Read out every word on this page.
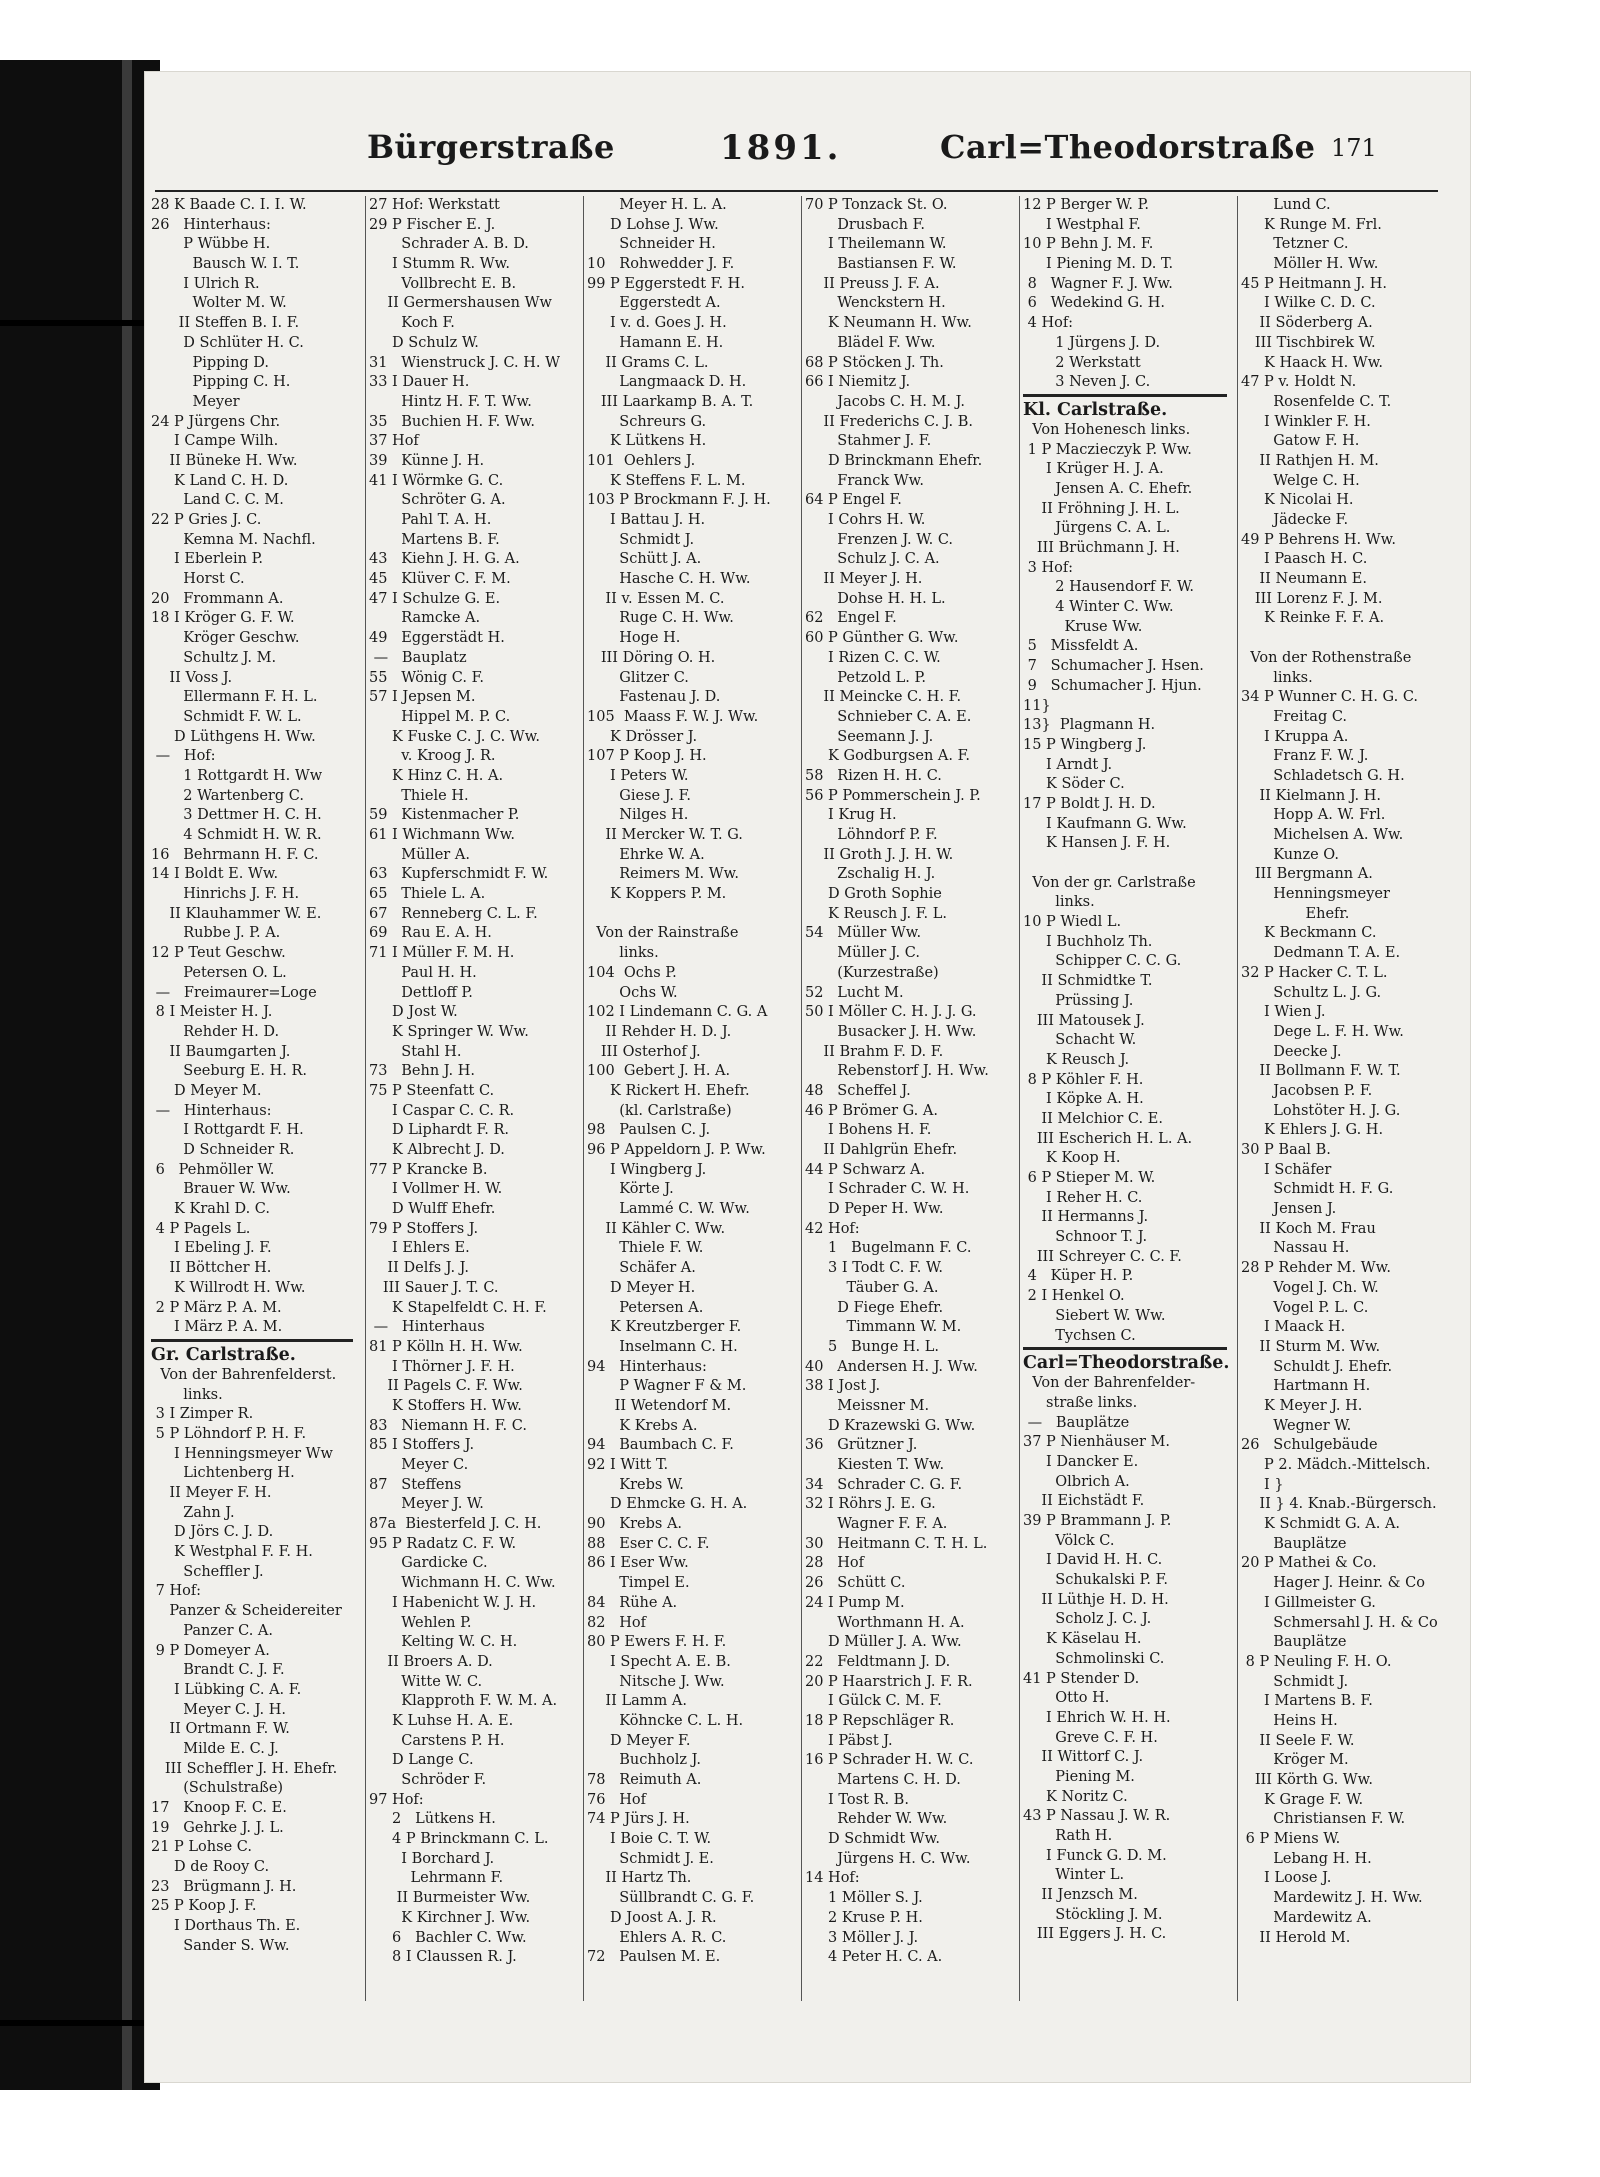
Bürgerstraße	1891.	Carl=Theodorstraße 171
28 K Baade C. I. I. W.
26   Hinterhaus:
P Wübbe H.
Bausch W. I. T.
I Ulrich R.
Wolter M. W.
II Steffen B. I. F.
D Schlüter H. C.
Pipping D.
Pipping C. H.
Meyer
24 P Jürgens Chr.
I Campe Wilh.
II Büneke H. Ww.
K Land C. H. D.
Land C. C. M.
22 P Gries J. C.
Kemna M. Nachfl.
I Eberlein P.
Horst C.
20   Frommann A.
18 I Kröger G. F. W.
Kröger Geschw.
Schultz J. M.
II Voss J.
Ellermann F. H. L.
Schmidt F. W. L.
D Lüthgens H. Ww.
—   Hof:
1 Rottgardt H. Ww
2 Wartenberg C.
3 Dettmer H. C. H.
4 Schmidt H. W. R.
16   Behrmann H. F. C.
14 I Boldt E. Ww.
Hinrichs J. F. H.
II Klauhammer W. E.
Rubbe J. P. A.
12 P Teut Geschw.
Petersen O. L.
—   Freimaurer=Loge
8 I Meister H. J.
Rehder H. D.
II Baumgarten J.
Seeburg E. H. R.
D Meyer M.
—   Hinterhaus:
I Rottgardt F. H.
D Schneider R.
6   Pehmöller W.
Brauer W. Ww.
K Krahl D. C.
4 P Pagels L.
I Ebeling J. F.
II Böttcher H.
K Willrodt H. Ww.
2 P März P. A. M.
I März P. A. M.
Gr. Carlstraße.
Von der Bahrenfelderst.
links.
3 I Zimper R.
5 P Löhndorf P. H. F.
I Henningsmeyer Ww
Lichtenberg H.
II Meyer F. H.
Zahn J.
D Jörs C. J. D.
K Westphal F. F. H.
Scheffler J.
7 Hof:
Panzer & Scheidereiter
Panzer C. A.
9 P Domeyer A.
Brandt C. J. F.
I Lübking C. A. F.
Meyer C. J. H.
II Ortmann F. W.
Milde E. C. J.
III Scheffler J. H. Ehefr.
(Schulstraße)
17   Knoop F. C. E.
19   Gehrke J. J. L.
21 P Lohse C.
D de Rooy C.
23   Brügmann J. H.
25 P Koop J. F.
I Dorthaus Th. E.
Sander S. Ww.
27 Hof: Werkstatt
29 P Fischer E. J.
Schrader A. B. D.
I Stumm R. Ww.
Vollbrecht E. B.
II Germershausen Ww
Koch F.
D Schulz W.
31   Wienstruck J. C. H. W
33 I Dauer H.
Hintz H. F. T. Ww.
35   Buchien H. F. Ww.
37 Hof
39   Künne J. H.
41 I Wörmke G. C.
Schröter G. A.
Pahl T. A. H.
Martens B. F.
43   Kiehn J. H. G. A.
45   Klüver C. F. M.
47 I Schulze G. E.
Ramcke A.
49   Eggerstädt H.
—   Bauplatz
55   Wönig C. F.
57 I Jepsen M.
Hippel M. P. C.
K Fuske C. J. C. Ww.
v. Kroog J. R.
K Hinz C. H. A.
Thiele H.
59   Kistenmacher P.
61 I Wichmann Ww.
Müller A.
63   Kupferschmidt F. W.
65   Thiele L. A.
67   Renneberg C. L. F.
69   Rau E. A. H.
71 I Müller F. M. H.
Paul H. H.
Dettloff P.
D Jost W.
K Springer W. Ww.
Stahl H.
73   Behn J. H.
75 P Steenfatt C.
I Caspar C. C. R.
D Liphardt F. R.
K Albrecht J. D.
77 P Krancke B.
I Vollmer H. W.
D Wulff Ehefr.
79 P Stoffers J.
I Ehlers E.
II Delfs J. J.
III Sauer J. T. C.
K Stapelfeldt C. H. F.
—   Hinterhaus
81 P Kölln H. H. Ww.
I Thörner J. F. H.
II Pagels C. F. Ww.
K Stoffers H. Ww.
83   Niemann H. F. C.
85 I Stoffers J.
Meyer C.
87   Steffens
Meyer J. W.
87a  Biesterfeld J. C. H.
95 P Radatz C. F. W.
Gardicke C.
Wichmann H. C. Ww.
I Habenicht W. J. H.
Wehlen P.
Kelting W. C. H.
II Broers A. D.
Witte W. C.
Klapproth F. W. M. A.
K Luhse H. A. E.
Carstens P. H.
D Lange C.
Schröder F.
97 Hof:
2   Lütkens H.
4 P Brinckmann C. L.
I Borchard J.
Lehrmann F.
II Burmeister Ww.
K Kirchner J. Ww.
6   Bachler C. Ww.
8 I Claussen R. J.
Meyer H. L. A.
D Lohse J. Ww.
Schneider H.
10   Rohwedder J. F.
99 P Eggerstedt F. H.
Eggerstedt A.
I v. d. Goes J. H.
Hamann E. H.
II Grams C. L.
Langmaack D. H.
III Laarkamp B. A. T.
Schreurs G.
K Lütkens H.
101  Oehlers J.
K Steffens F. L. M.
103 P Brockmann F. J. H.
I Battau J. H.
Schmidt J.
Schütt J. A.
Hasche C. H. Ww.
II v. Essen M. C.
Ruge C. H. Ww.
Hoge H.
III Döring O. H.
Glitzer C.
Fastenau J. D.
105  Maass F. W. J. Ww.
K Drösser J.
107 P Koop J. H.
I Peters W.
Giese J. F.
Nilges H.
II Mercker W. T. G.
Ehrke W. A.
Reimers M. Ww.
K Koppers P. M.
Von der Rainstraße
links.
104  Ochs P.
Ochs W.
102 I Lindemann C. G. A
II Rehder H. D. J.
III Osterhof J.
100  Gebert J. H. A.
K Rickert H. Ehefr.
(kl. Carlstraße)
98   Paulsen C. J.
96 P Appeldorn J. P. Ww.
I Wingberg J.
Körte J.
Lammé C. W. Ww.
II Kähler C. Ww.
Thiele F. W.
Schäfer A.
D Meyer H.
Petersen A.
K Kreutzberger F.
Inselmann C. H.
94   Hinterhaus:
P Wagner F & M.
II Wetendorf M.
K Krebs A.
94   Baumbach C. F.
92 I Witt T.
Krebs W.
D Ehmcke G. H. A.
90   Krebs A.
88   Eser C. C. F.
86 I Eser Ww.
Timpel E.
84   Rühe A.
82   Hof
80 P Ewers F. H. F.
I Specht A. E. B.
Nitsche J. Ww.
II Lamm A.
Köhncke C. L. H.
D Meyer F.
Buchholz J.
78   Reimuth A.
76   Hof
74 P Jürs J. H.
I Boie C. T. W.
Schmidt J. E.
II Hartz Th.
Süllbrandt C. G. F.
D Joost A. J. R.
Ehlers A. R. C.
72   Paulsen M. E.
70 P Tonzack St. O.
Drusbach F.
I Theilemann W.
Bastiansen F. W.
II Preuss J. F. A.
Wenckstern H.
K Neumann H. Ww.
Blädel F. Ww.
68 P Stöcken J. Th.
66 I Niemitz J.
Jacobs C. H. M. J.
II Frederichs C. J. B.
Stahmer J. F.
D Brinckmann Ehefr.
Franck Ww.
64 P Engel F.
I Cohrs H. W.
Frenzen J. W. C.
Schulz J. C. A.
II Meyer J. H.
Dohse H. H. L.
62   Engel F.
60 P Günther G. Ww.
I Rizen C. C. W.
Petzold L. P.
II Meincke C. H. F.
Schnieber C. A. E.
Seemann J. J.
K Godburgsen A. F.
58   Rizen H. H. C.
56 P Pommerschein J. P.
I Krug H.
Löhndorf P. F.
II Groth J. J. H. W.
Zschalig H. J.
D Groth Sophie
K Reusch J. F. L.
54   Müller Ww.
Müller J. C.
(Kurzestraße)
52   Lucht M.
50 I Möller C. H. J. J. G.
Busacker J. H. Ww.
II Brahm F. D. F.
Rebenstorf J. H. Ww.
48   Scheffel J.
46 P Brömer G. A.
I Bohens H. F.
II Dahlgrün Ehefr.
44 P Schwarz A.
I Schrader C. W. H.
D Peper H. Ww.
42 Hof:
1   Bugelmann F. C.
3 I Todt C. F. W.
Täuber G. A.
D Fiege Ehefr.
Timmann W. M.
5   Bunge H. L.
40   Andersen H. J. Ww.
38 I Jost J.
Meissner M.
D Krazewski G. Ww.
36   Grützner J.
Kiesten T. Ww.
34   Schrader C. G. F.
32 I Röhrs J. E. G.
Wagner F. F. A.
30   Heitmann C. T. H. L.
28   Hof
26   Schütt C.
24 I Pump M.
Worthmann H. A.
D Müller J. A. Ww.
22   Feldtmann J. D.
20 P Haarstrich J. F. R.
I Gülck C. M. F.
18 P Repschläger R.
I Päbst J.
16 P Schrader H. W. C.
Martens C. H. D.
I Tost R. B.
Rehder W. Ww.
D Schmidt Ww.
Jürgens H. C. Ww.
14 Hof:
1 Möller S. J.
2 Kruse P. H.
3 Möller J. J.
4 Peter H. C. A.
12 P Berger W. P.
I Westphal F.
10 P Behn J. M. F.
I Piening M. D. T.
8   Wagner F. J. Ww.
6   Wedekind G. H.
4 Hof:
1 Jürgens J. D.
2 Werkstatt
3 Neven J. C.
Kl. Carlstraße.
Von Hohenesch links.
1 P Maczieczyk P. Ww.
I Krüger H. J. A.
Jensen A. C. Ehefr.
II Fröhning J. H. L.
Jürgens C. A. L.
III Brüchmann J. H.
3 Hof:
2 Hausendorf F. W.
4 Winter C. Ww.
Kruse Ww.
5   Missfeldt A.
7   Schumacher J. Hsen.
9   Schumacher J. Hjun.
11}
13}  Plagmann H.
15 P Wingberg J.
I Arndt J.
K Söder C.
17 P Boldt J. H. D.
I Kaufmann G. Ww.
K Hansen J. F. H.
Von der gr. Carlstraße
links.
10 P Wiedl L.
I Buchholz Th.
Schipper C. C. G.
II Schmidtke T.
Prüssing J.
III Matousek J.
Schacht W.
K Reusch J.
8 P Köhler F. H.
I Köpke A. H.
II Melchior C. E.
III Escherich H. L. A.
K Koop H.
6 P Stieper M. W.
I Reher H. C.
II Hermanns J.
Schnoor T. J.
III Schreyer C. C. F.
4   Küper H. P.
2 I Henkel O.
Siebert W. Ww.
Tychsen C.
Carl=Theodorstraße.
Von der Bahrenfelder-
straße links.
—   Bauplätze
37 P Nienhäuser M.
I Dancker E.
Olbrich A.
II Eichstädt F.
39 P Brammann J. P.
Völck C.
I David H. H. C.
Schukalski P. F.
II Lüthje H. D. H.
Scholz J. C. J.
K Käselau H.
Schmolinski C.
41 P Stender D.
Otto H.
I Ehrich W. H. H.
Greve C. F. H.
II Wittorf C. J.
Piening M.
K Noritz C.
43 P Nassau J. W. R.
Rath H.
I Funck G. D. M.
Winter L.
II Jenzsch M.
Stöckling J. M.
III Eggers J. H. C.
Lund C.
K Runge M. Frl.
Tetzner C.
Möller H. Ww.
45 P Heitmann J. H.
I Wilke C. D. C.
II Söderberg A.
III Tischbirek W.
K Haack H. Ww.
47 P v. Holdt N.
Rosenfelde C. T.
I Winkler F. H.
Gatow F. H.
II Rathjen H. M.
Welge C. H.
K Nicolai H.
Jädecke F.
49 P Behrens H. Ww.
I Paasch H. C.
II Neumann E.
III Lorenz F. J. M.
K Reinke F. F. A.
Von der Rothenstraße
links.
34 P Wunner C. H. G. C.
Freitag C.
I Kruppa A.
Franz F. W. J.
Schladetsch G. H.
II Kielmann J. H.
Hopp A. W. Frl.
Michelsen A. Ww.
Kunze O.
III Bergmann A.
Henningsmeyer
Ehefr.
K Beckmann C.
Dedmann T. A. E.
32 P Hacker C. T. L.
Schultz L. J. G.
I Wien J.
Dege L. F. H. Ww.
Deecke J.
II Bollmann F. W. T.
Jacobsen P. F.
Lohstöter H. J. G.
K Ehlers J. G. H.
30 P Baal B.
I Schäfer
Schmidt H. F. G.
Jensen J.
II Koch M. Frau
Nassau H.
28 P Rehder M. Ww.
Vogel J. Ch. W.
Vogel P. L. C.
I Maack H.
II Sturm M. Ww.
Schuldt J. Ehefr.
Hartmann H.
K Meyer J. H.
Wegner W.
26   Schulgebäude
P 2. Mädch.-Mittelsch.
I }
II } 4. Knab.-Bürgersch.
K Schmidt G. A. A.
Bauplätze
20 P Mathei & Co.
Hager J. Heinr. & Co
I Gillmeister G.
Schmersahl J. H. & Co
Bauplätze
8 P Neuling F. H. O.
Schmidt J.
I Martens B. F.
Heins H.
II Seele F. W.
Kröger M.
III Körth G. Ww.
K Grage F. W.
Christiansen F. W.
6 P Miens W.
Lebang H. H.
I Loose J.
Mardewitz J. H. Ww.
Mardewitz A.
II Herold M.
